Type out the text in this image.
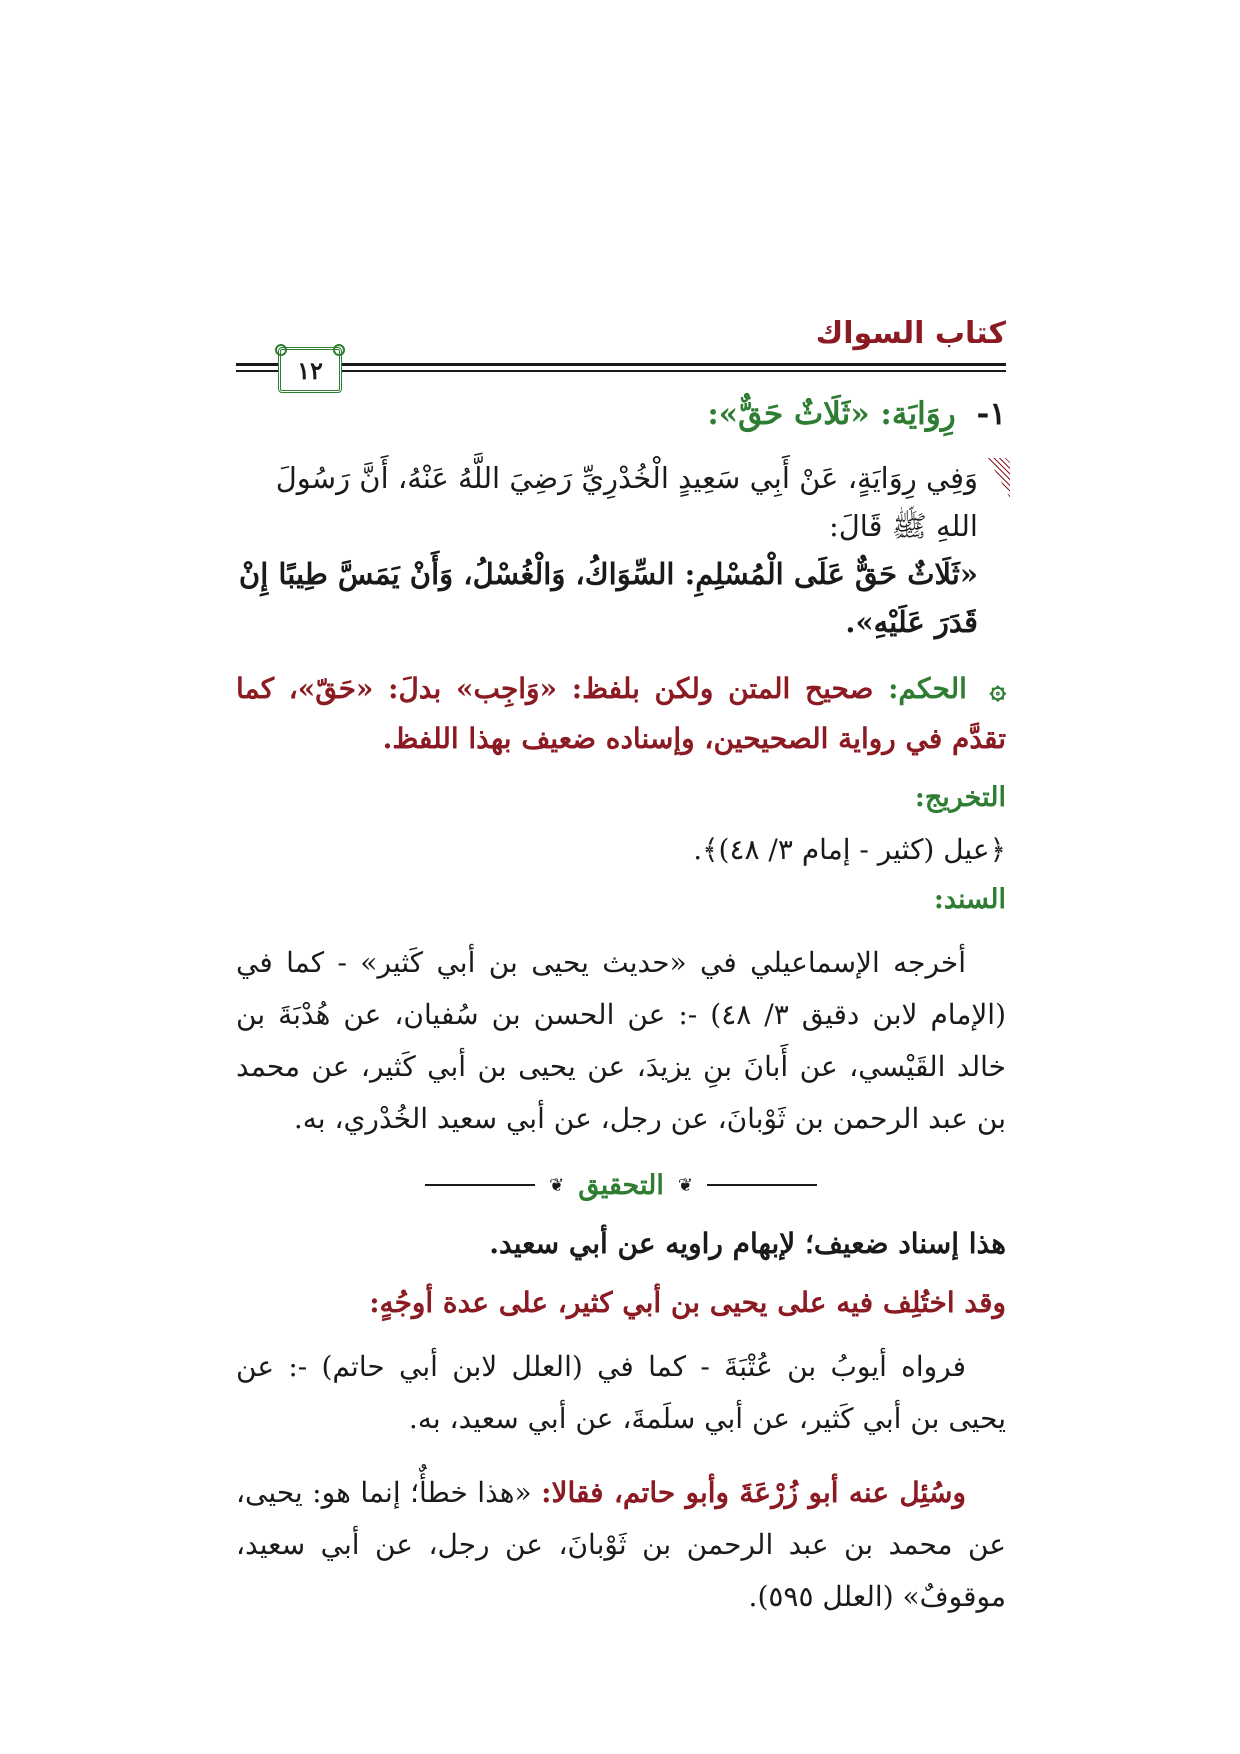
كتاب السواك
١٢
١- رِوَايَة: «ثَلَاثٌ حَقٌّ»:
وَفِي رِوَايَةٍ، عَنْ أَبِي سَعِيدٍ الْخُدْرِيِّ رَضِيَ اللَّهُ عَنْهُ، أَنَّ رَسُولَ اللهِ ﷺ قَالَ:
«ثَلَاثٌ حَقٌّ عَلَى الْمُسْلِمِ: السِّوَاكُ، وَالْغُسْلُ، وَأَنْ يَمَسَّ طِيبًا إِنْ قَدَرَ عَلَيْهِ».
۞ الحكم: صحيح المتن ولكن بلفظ: «وَاجِب» بدلَ: «حَقّ»، كما تقدَّم في رواية الصحيحين، وإسناده ضعيف بهذا اللفظ.
التخريج:
﴿عيل (كثير - إمام ٣/ ٤٨)﴾.
السند:
أخرجه الإسماعيلي في «حديث يحيى بن أبي كَثير» - كما في (الإمام لابن دقيق ٣/ ٤٨) -: عن الحسن بن سُفيان، عن هُدْبَةَ بن خالد القَيْسي، عن أَبانَ بنِ يزيدَ، عن يحيى بن أبي كَثير، عن محمد بن عبد الرحمن بن ثَوْبانَ، عن رجل، عن أبي سعيد الخُدْري، به.
❦
التحقيق
❦
هذا إسناد ضعيف؛ لإبهام راويه عن أبي سعيد.
وقد اختُلِف فيه على يحيى بن أبي كثير، على عدة أوجُهٍ:
فرواه أيوبُ بن عُتْبَةَ - كما في (العلل لابن أبي حاتم) -: عن يحيى بن أبي كَثير، عن أبي سلَمةَ، عن أبي سعيد، به.
وسُئِل عنه أبو زُرْعَةَ وأبو حاتم، فقالا: «هذا خطأٌ؛ إنما هو: يحيى، عن محمد بن عبد الرحمن بن ثَوْبانَ، عن رجل، عن أبي سعيد، موقوفٌ» (العلل ٥٩٥).
